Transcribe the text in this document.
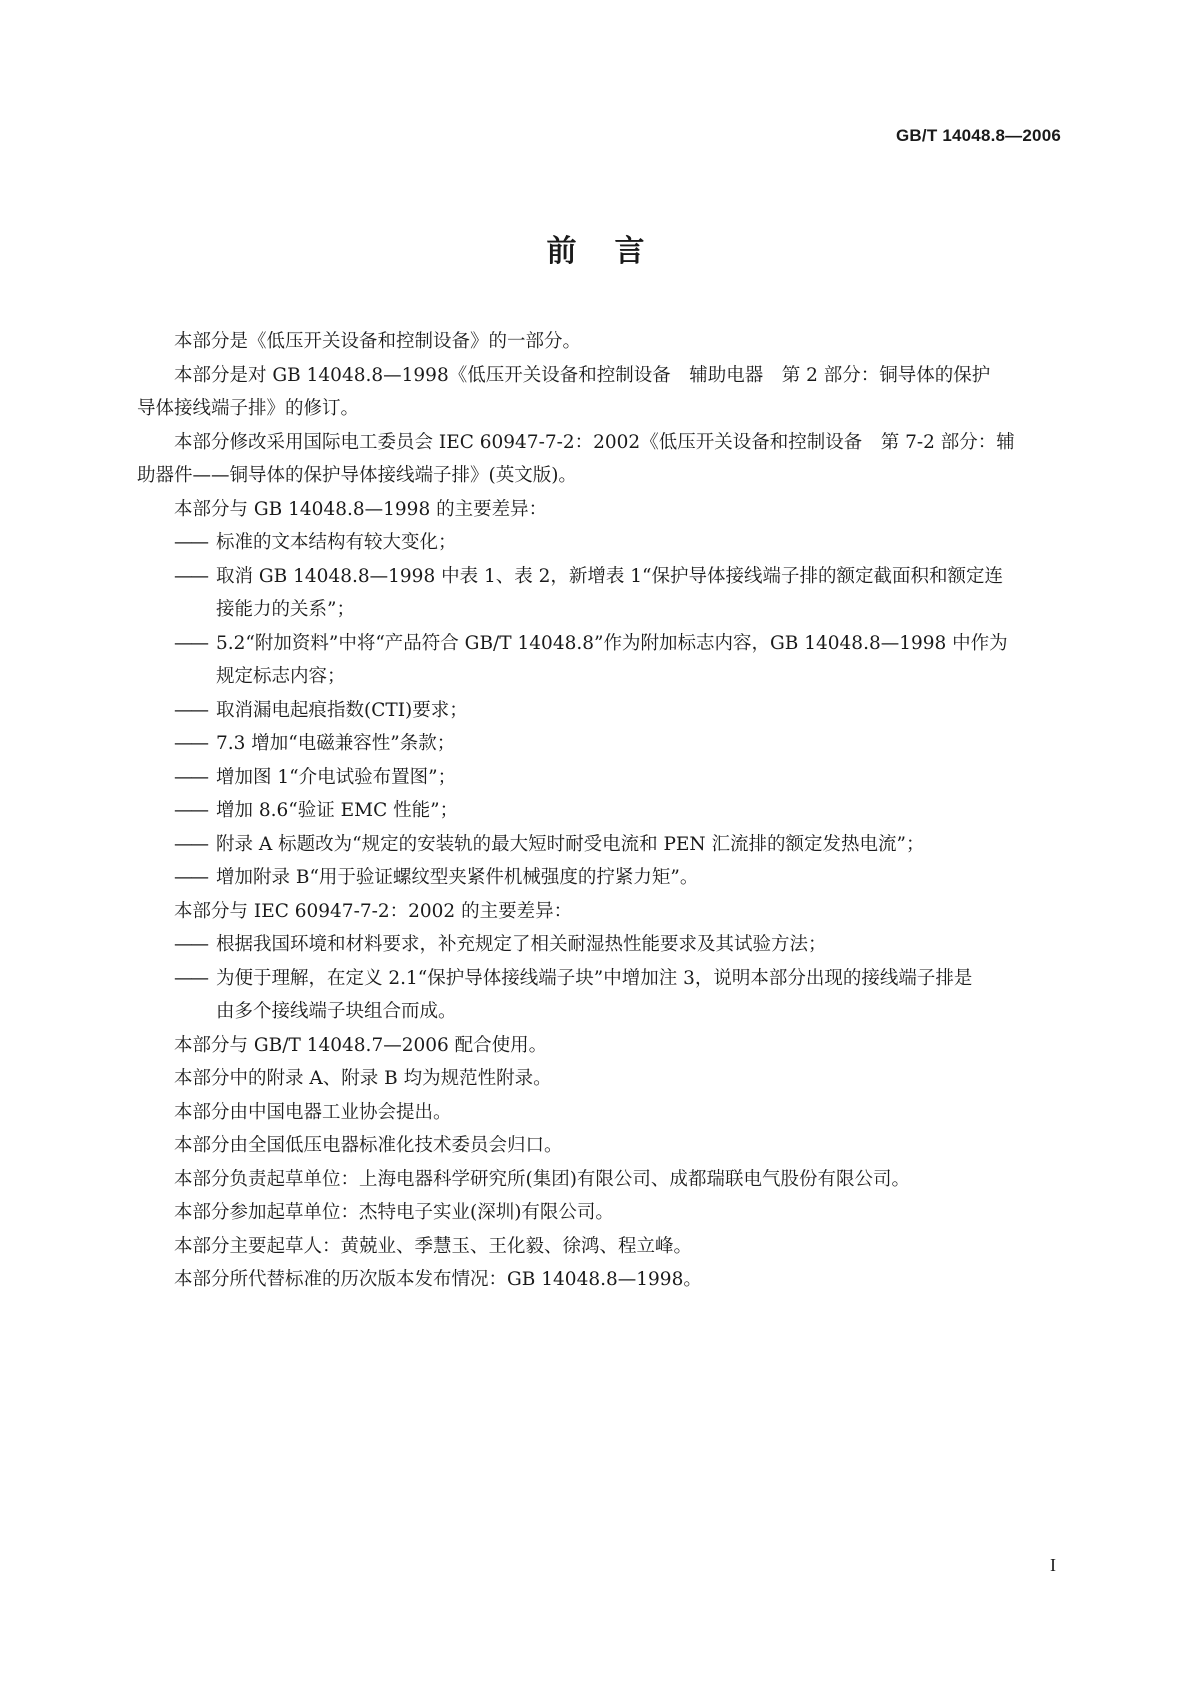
GB/T 14048.8—2006
前言
本部分是《低压开关设备和控制设备》的一部分。
本部分是对 GB 14048.8—1998《低压开关设备和控制设备　辅助电器　第 2 部分：铜导体的保护
导体接线端子排》的修订。
本部分修改采用国际电工委员会 IEC 60947-7-2：2002《低压开关设备和控制设备　第 7-2 部分：辅
助器件——铜导体的保护导体接线端子排》(英文版)。
本部分与 GB 14048.8—1998 的主要差异：
—— 标准的文本结构有较大变化；
—— 取消 GB 14048.8—1998 中表 1、表 2，新增表 1“保护导体接线端子排的额定截面积和额定连
接能力的关系”；
—— 5.2“附加资料”中将“产品符合 GB/T 14048.8”作为附加标志内容，GB 14048.8—1998 中作为
规定标志内容；
—— 取消漏电起痕指数(CTI)要求；
—— 7.3 增加“电磁兼容性”条款；
—— 增加图 1“介电试验布置图”；
—— 增加 8.6“验证 EMC 性能”；
—— 附录 A 标题改为“规定的安装轨的最大短时耐受电流和 PEN 汇流排的额定发热电流”；
—— 增加附录 B“用于验证螺纹型夹紧件机械强度的拧紧力矩”。
本部分与 IEC 60947-7-2：2002 的主要差异：
—— 根据我国环境和材料要求，补充规定了相关耐湿热性能要求及其试验方法；
—— 为便于理解，在定义 2.1“保护导体接线端子块”中增加注 3，说明本部分出现的接线端子排是
由多个接线端子块组合而成。
本部分与 GB/T 14048.7—2006 配合使用。
本部分中的附录 A、附录 B 均为规范性附录。
本部分由中国电器工业协会提出。
本部分由全国低压电器标准化技术委员会归口。
本部分负责起草单位：上海电器科学研究所(集团)有限公司、成都瑞联电气股份有限公司。
本部分参加起草单位：杰特电子实业(深圳)有限公司。
本部分主要起草人：黄兢业、季慧玉、王化毅、徐鸿、程立峰。
本部分所代替标准的历次版本发布情况：GB 14048.8—1998。
I
